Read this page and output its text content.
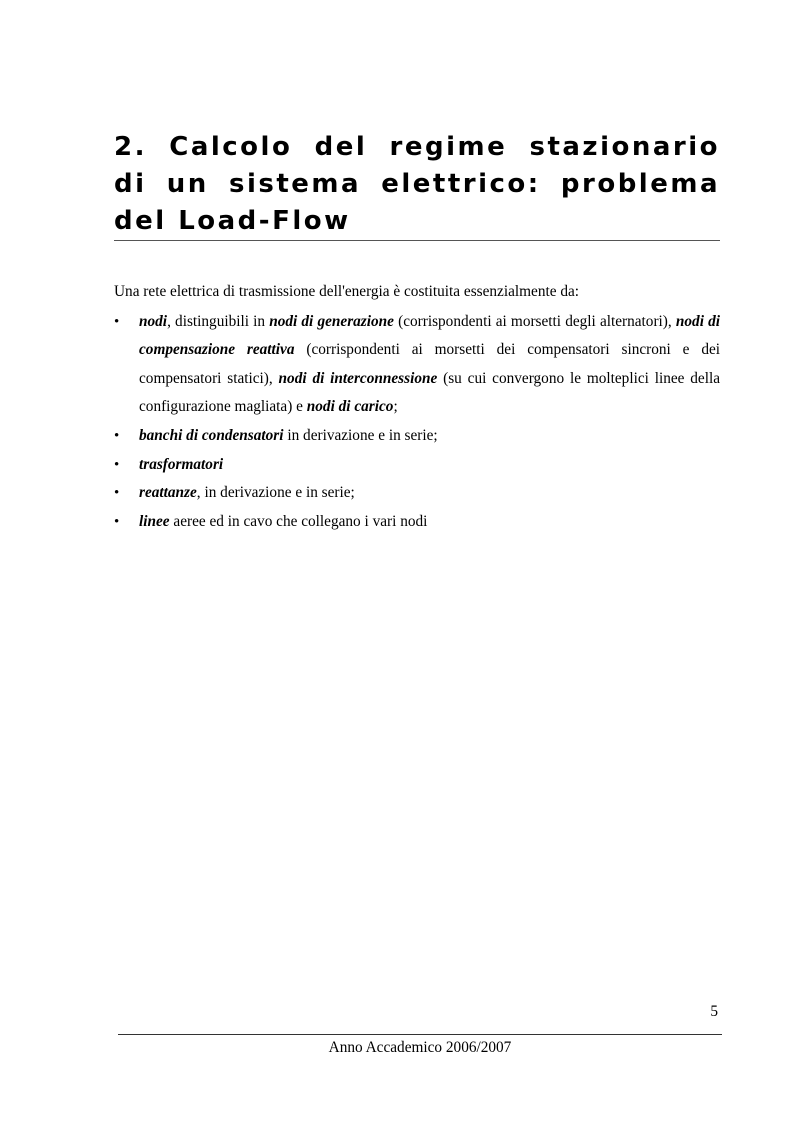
2. Calcolo del regime stazionario di un sistema elettrico: problema del Load-Flow

Una rete elettrica di trasmissione dell'energia è costituita essenzialmente da:

• nodi, distinguibili in nodi di generazione (corrispondenti ai morsetti degli alternatori), nodi di compensazione reattiva (corrispondenti ai morsetti dei compensatori sincroni e dei compensatori statici), nodi di interconnessione (su cui convergono le molteplici linee della configurazione magliata) e nodi di carico;
• banchi di condensatori in derivazione e in serie;
• trasformatori
• reattanze, in derivazione e in serie;
• linee aeree ed in cavo che collegano i vari nodi

5

Anno Accademico 2006/2007
